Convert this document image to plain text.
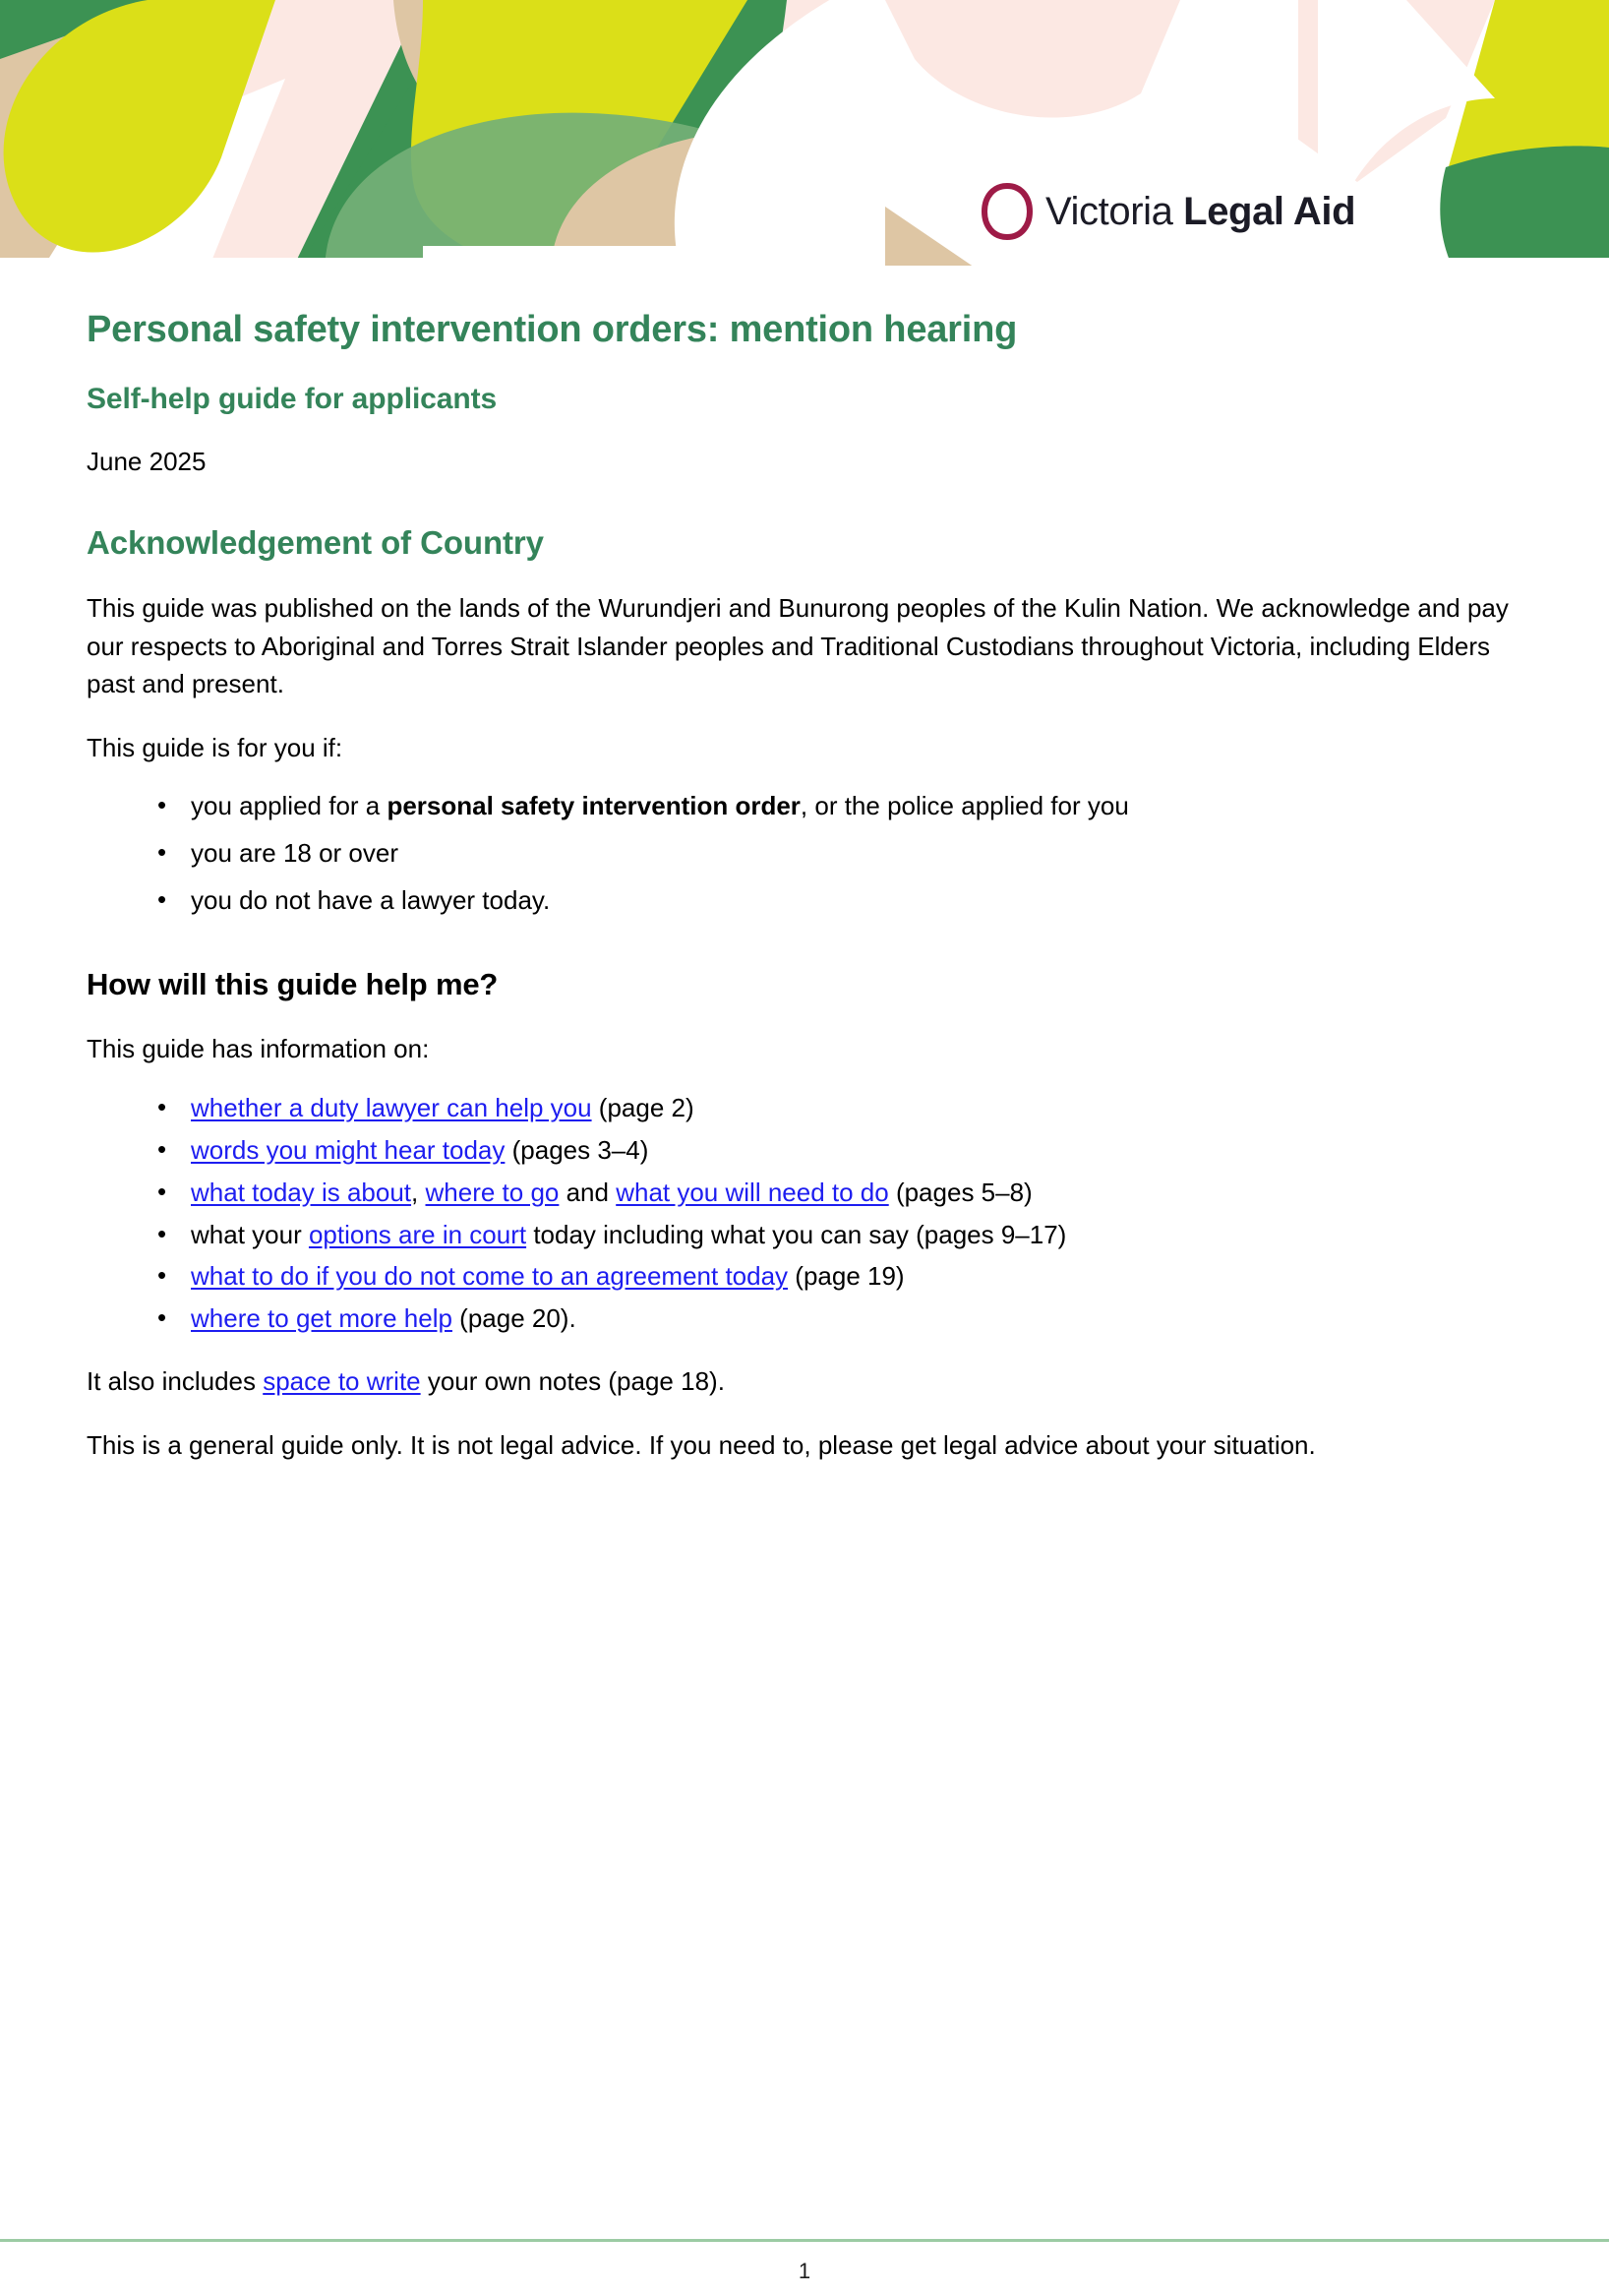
Victoria Legal Aid
Personal safety intervention orders: mention hearing
Self-help guide for applicants

June 2025

Acknowledgement of Country

This guide was published on the lands of the Wurundjeri and Bunurong peoples of the Kulin Nation. We acknowledge and pay our respects to Aboriginal and Torres Strait Islander peoples and Traditional Custodians throughout Victoria, including Elders past and present.

This guide is for you if:

• you applied for a personal safety intervention order, or the police applied for you
• you are 18 or over
• you do not have a lawyer today.
How will this guide help me?

This guide has information on:

• whether a duty lawyer can help you (page 2)
• words you might hear today (pages 3–4)
• what today is about, where to go and what you will need to do (pages 5–8)
• what your options are in court today including what you can say (pages 9–17)
• what to do if you do not come to an agreement today (page 19)
• where to get more help (page 20).

It also includes space to write your own notes (page 18).

This is a general guide only. It is not legal advice. If you need to, please get legal advice about your situation.

1
